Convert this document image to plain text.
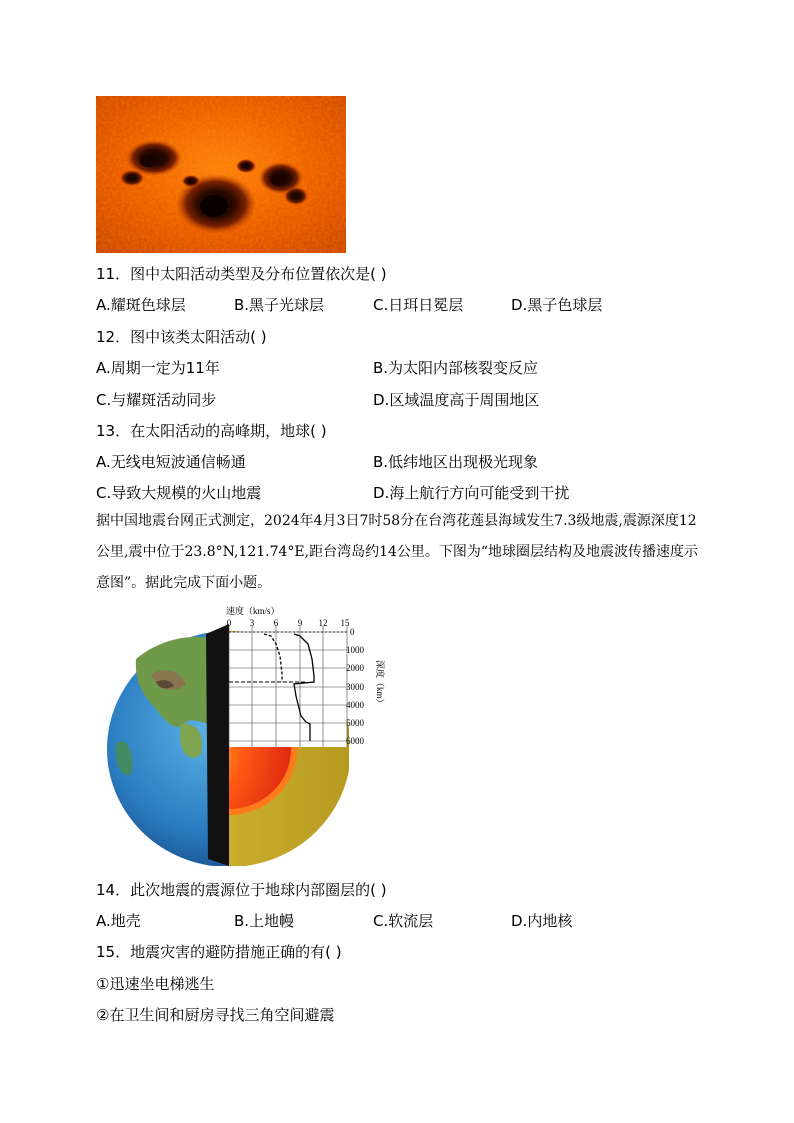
11．图中太阳活动类型及分布位置依次是( )
A.耀斑色球层	B.黑子光球层	C.日珥日冕层	D.黑子色球层
12．图中该类太阳活动( )
A.周期一定为11年	B.为太阳内部核裂变反应
C.与耀斑活动同步	D.区域温度高于周围地区
13．在太阳活动的高峰期，地球( )
A.无线电短波通信畅通	B.低纬地区出现极光现象
C.导致大规模的火山地震	D.海上航行方向可能受到干扰
据中国地震台网正式测定，2024年4月3日7时58分在台湾花莲县海域发生7.3级地震,震源深度12公里,震中位于23.8°N,121.74°E,距台湾岛约14公里。下图为“地球圈层结构及地震波传播速度示意图”。据此完成下面小题。
速度（km/s）
0 3 6 9 12 15
0
1000
2000
3000
4000
5000
6000
深度（km）
14．此次地震的震源位于地球内部圈层的( )
A.地壳	B.上地幔	C.软流层	D.内地核
15．地震灾害的避防措施正确的有( )
①迅速坐电梯逃生
②在卫生间和厨房寻找三角空间避震
